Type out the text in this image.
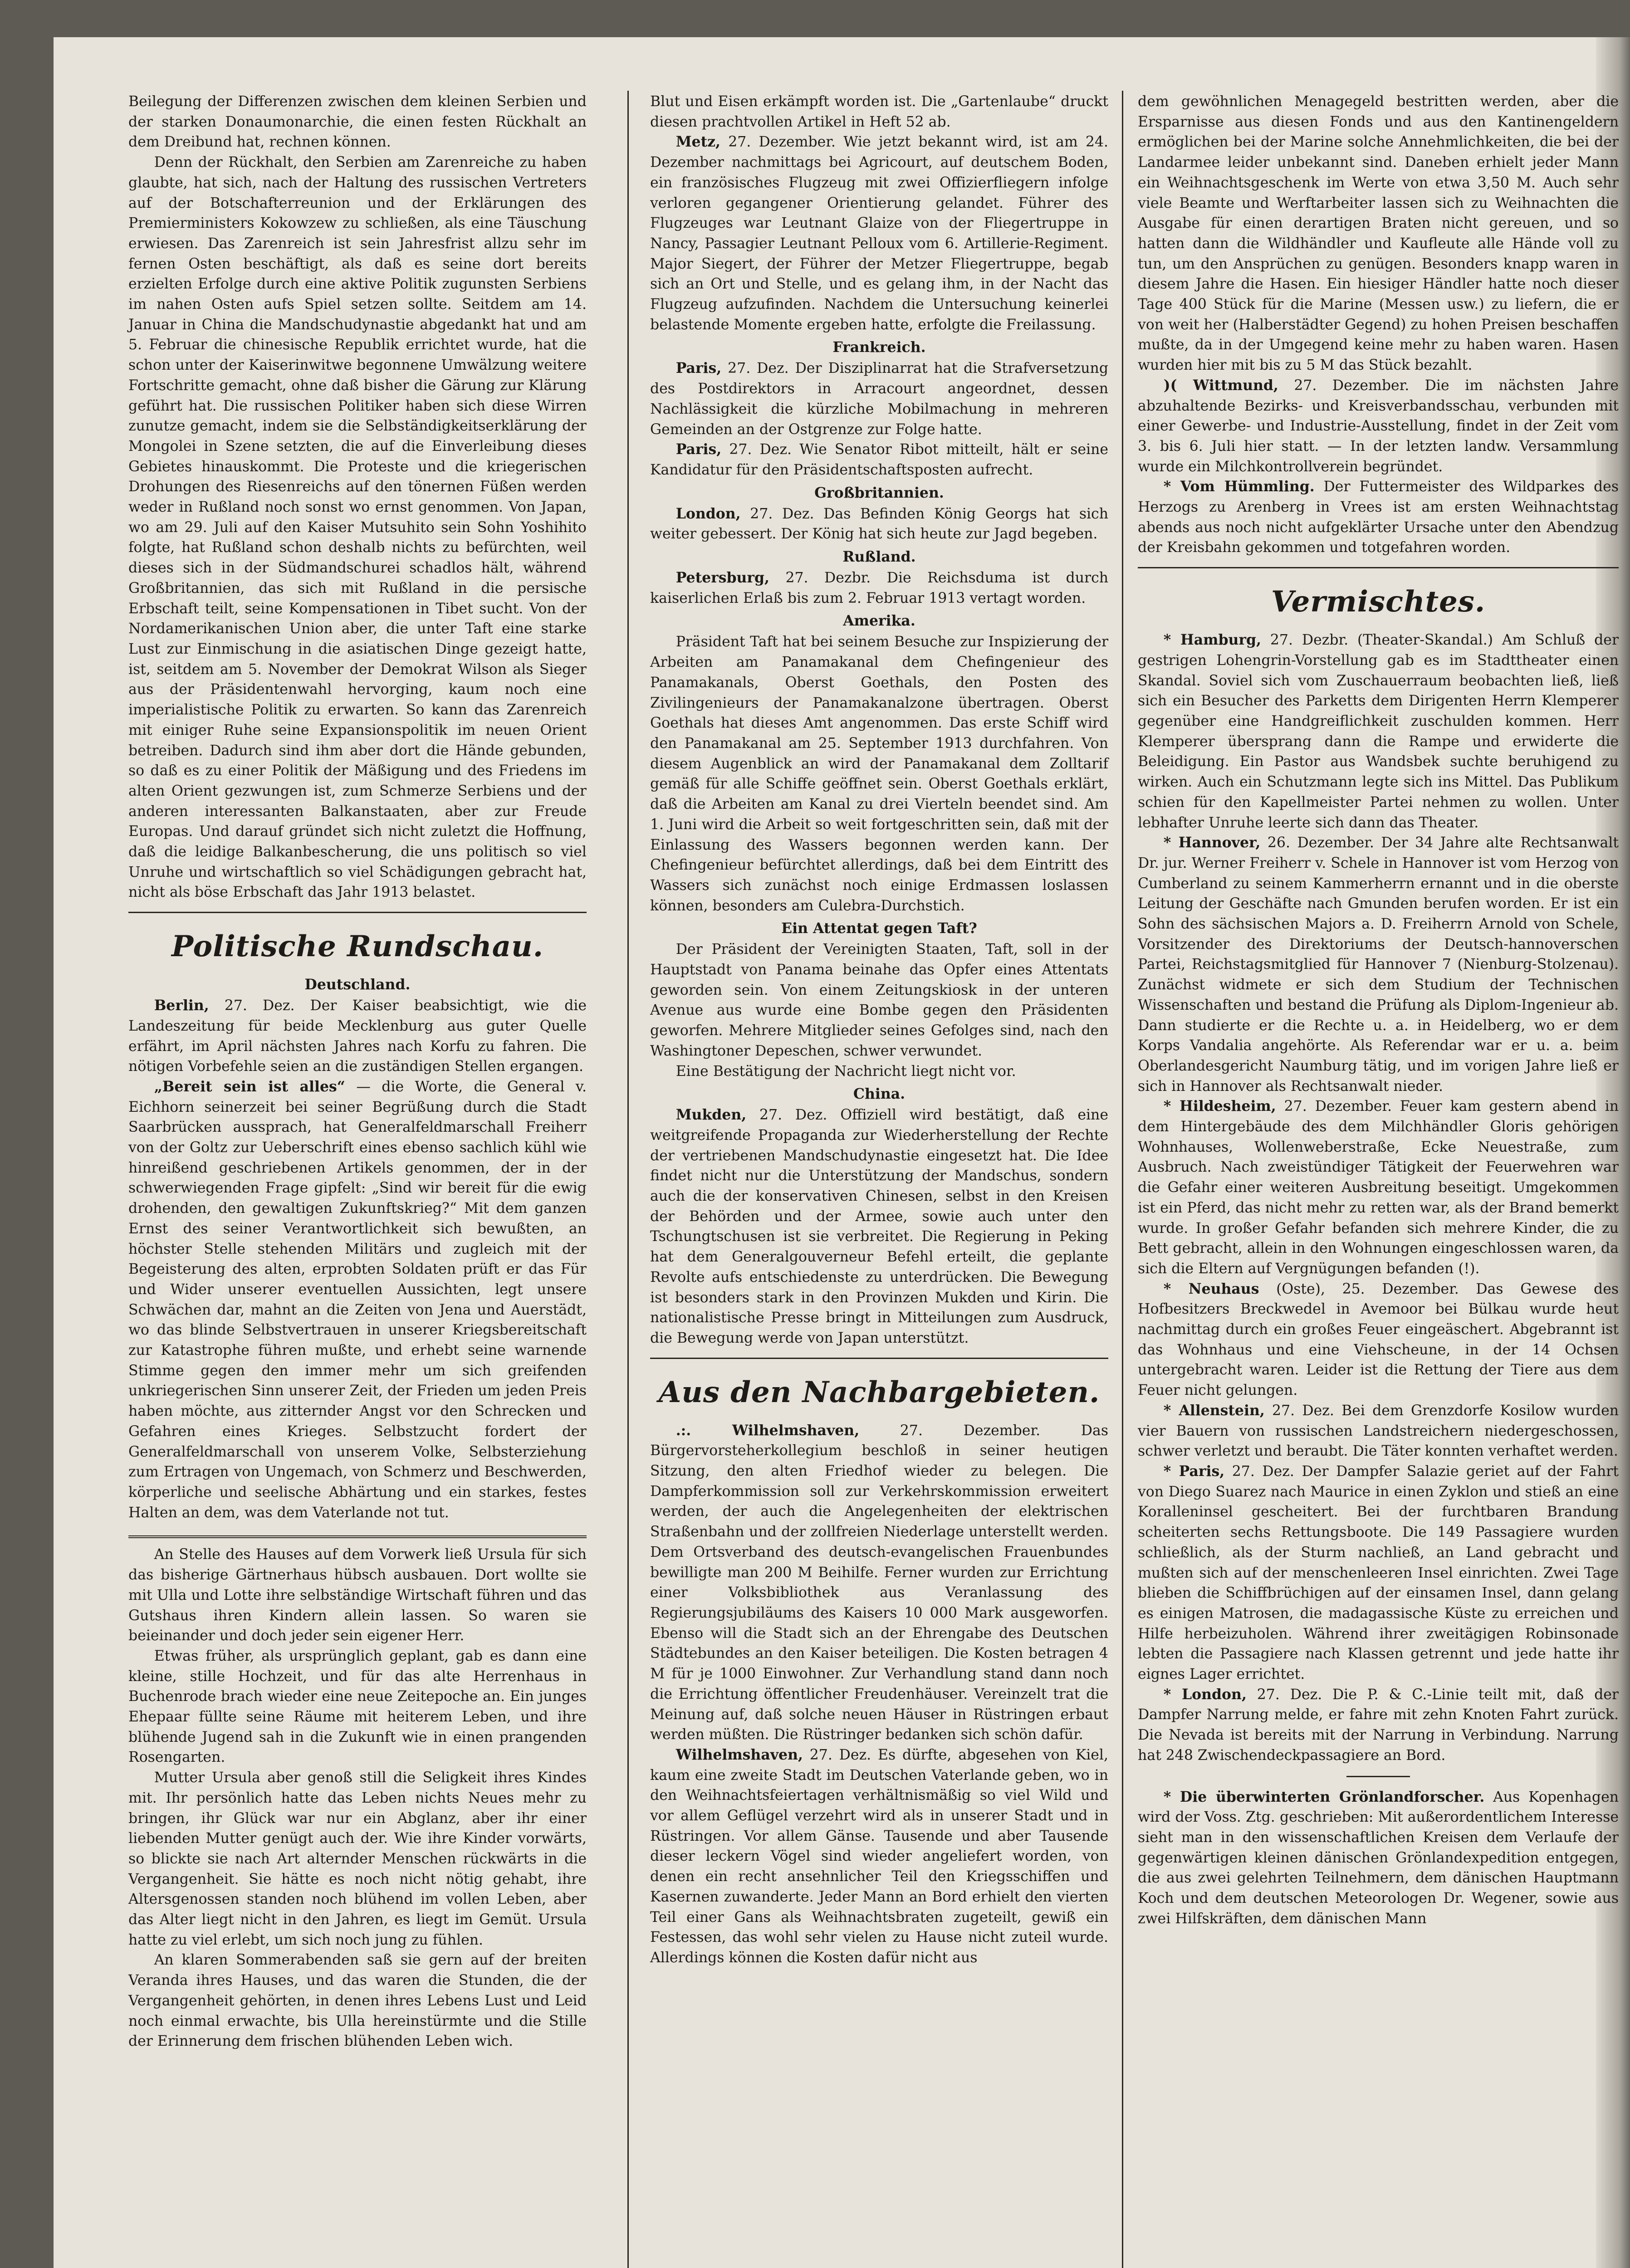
Beilegung der Differenzen zwischen dem kleinen Serbien und der starken Donaumonarchie, die einen festen Rückhalt an dem Dreibund hat, rechnen können.

Denn der Rückhalt, den Serbien am Zarenreiche zu haben glaubte, hat sich, nach der Haltung des russischen Vertreters auf der Botschafterreunion und der Erklärungen des Premierministers Kokowzew zu schließen, als eine Täuschung erwiesen. Das Zarenreich ist sein Jahresfrist allzu sehr im fernen Osten beschäftigt, als daß es seine dort bereits erzielten Erfolge durch eine aktive Politik zugunsten Serbiens im nahen Osten aufs Spiel setzen sollte. Seitdem am 14. Januar in China die Mandschudynastie abgedankt hat und am 5. Februar die chinesische Republik errichtet wurde, hat die schon unter der Kaiserinwitwe begonnene Umwälzung weitere Fortschritte gemacht, ohne daß bisher die Gärung zur Klärung geführt hat. Die russischen Politiker haben sich diese Wirren zunutze gemacht, indem sie die Selbständigkeitserklärung der Mongolei in Szene setzten, die auf die Einverleibung dieses Gebietes hinauskommt. Die Proteste und die kriegerischen Drohungen des Riesenreichs auf den tönernen Füßen werden weder in Rußland noch sonst wo ernst genommen. Von Japan, wo am 29. Juli auf den Kaiser Mutsuhito sein Sohn Yoshihito folgte, hat Rußland schon deshalb nichts zu befürchten, weil dieses sich in der Südmandschurei schadlos hält, während Großbritannien, das sich mit Rußland in die persische Erbschaft teilt, seine Kompensationen in Tibet sucht. Von der Nordamerikanischen Union aber, die unter Taft eine starke Lust zur Einmischung in die asiatischen Dinge gezeigt hatte, ist, seitdem am 5. November der Demokrat Wilson als Sieger aus der Präsidentenwahl hervorging, kaum noch eine imperialistische Politik zu erwarten. So kann das Zarenreich mit einiger Ruhe seine Expansionspolitik im neuen Orient betreiben. Dadurch sind ihm aber dort die Hände gebunden, so daß es zu einer Politik der Mäßigung und des Friedens im alten Orient gezwungen ist, zum Schmerze Serbiens und der anderen interessanten Balkanstaaten, aber zur Freude Europas. Und darauf gründet sich nicht zuletzt die Hoffnung, daß die leidige Balkanbescherung, die uns politisch so viel Unruhe und wirtschaftlich so viel Schädigungen gebracht hat, nicht als böse Erbschaft das Jahr 1913 belastet.

Politische Rundschau.
Deutschland.

Berlin, 27. Dez. Der Kaiser beabsichtigt, wie die Landeszeitung für beide Mecklenburg aus guter Quelle erfährt, im April nächsten Jahres nach Korfu zu fahren. Die nötigen Vorbefehle seien an die zuständigen Stellen ergangen.

„Bereit sein ist alles“ — die Worte, die General v. Eichhorn seinerzeit bei seiner Begrüßung durch die Stadt Saarbrücken aussprach, hat Generalfeldmarschall Freiherr von der Goltz zur Ueberschrift eines ebenso sachlich kühl wie hinreißend geschriebenen Artikels genommen, der in der schwerwiegenden Frage gipfelt: „Sind wir bereit für die ewig drohenden, den gewaltigen Zukunftskrieg?“ Mit dem ganzen Ernst des seiner Verantwortlichkeit sich bewußten, an höchster Stelle stehenden Militärs und zugleich mit der Begeisterung des alten, erprobten Soldaten prüft er das Für und Wider unserer eventuellen Aussichten, legt unsere Schwächen dar, mahnt an die Zeiten von Jena und Auerstädt, wo das blinde Selbstvertrauen in unserer Kriegsbereitschaft zur Katastrophe führen mußte, und erhebt seine warnende Stimme gegen den immer mehr um sich greifenden unkriegerischen Sinn unserer Zeit, der Frieden um jeden Preis haben möchte, aus zitternder Angst vor den Schrecken und Gefahren eines Krieges. Selbstzucht fordert der Generalfeldmarschall von unserem Volke, Selbsterziehung zum Ertragen von Ungemach, von Schmerz und Beschwerden, körperliche und seelische Abhärtung und ein starkes, festes Halten an dem, was dem Vaterlande not tut.

An Stelle des Hauses auf dem Vorwerk ließ Ursula für sich das bisherige Gärtnerhaus hübsch ausbauen. Dort wollte sie mit Ulla und Lotte ihre selbständige Wirtschaft führen und das Gutshaus ihren Kindern allein lassen. So waren sie beieinander und doch jeder sein eigener Herr.

Etwas früher, als ursprünglich geplant, gab es dann eine kleine, stille Hochzeit, und für das alte Herrenhaus in Buchenrode brach wieder eine neue Zeitepoche an. Ein junges Ehepaar füllte seine Räume mit heiterem Leben, und ihre blühende Jugend sah in die Zukunft wie in einen prangenden Rosengarten.

Mutter Ursula aber genoß still die Seligkeit ihres Kindes mit. Ihr persönlich hatte das Leben nichts Neues mehr zu bringen, ihr Glück war nur ein Abglanz, aber ihr einer liebenden Mutter genügt auch der. Wie ihre Kinder vorwärts, so blickte sie nach Art alternder Menschen rückwärts in die Vergangenheit. Sie hätte es noch nicht nötig gehabt, ihre Altersgenossen standen noch blühend im vollen Leben, aber das Alter liegt nicht in den Jahren, es liegt im Gemüt. Ursula hatte zu viel erlebt, um sich noch jung zu fühlen.

An klaren Sommerabenden saß sie gern auf der breiten Veranda ihres Hauses, und das waren die Stunden, die der Vergangenheit gehörten, in denen ihres Lebens Lust und Leid noch einmal erwachte, bis Ulla hereinstürmte und die Stille der Erinnerung dem frischen blühenden Leben wich.

Blut und Eisen erkämpft worden ist. Die „Gartenlaube“ druckt diesen prachtvollen Artikel in Heft 52 ab.

Metz, 27. Dezember. Wie jetzt bekannt wird, ist am 24. Dezember nachmittags bei Agricourt, auf deutschem Boden, ein französisches Flugzeug mit zwei Offizierfliegern infolge verloren gegangener Orientierung gelandet. Führer des Flugzeuges war Leutnant Glaize von der Fliegertruppe in Nancy, Passagier Leutnant Pelloux vom 6. Artillerie-Regiment. Major Siegert, der Führer der Metzer Fliegertruppe, begab sich an Ort und Stelle, und es gelang ihm, in der Nacht das Flugzeug aufzufinden. Nachdem die Untersuchung keinerlei belastende Momente ergeben hatte, erfolgte die Freilassung.

Frankreich.

Paris, 27. Dez. Der Disziplinarrat hat die Strafversetzung des Postdirektors in Arracourt angeordnet, dessen Nachlässigkeit die kürzliche Mobilmachung in mehreren Gemeinden an der Ostgrenze zur Folge hatte.

Paris, 27. Dez. Wie Senator Ribot mitteilt, hält er seine Kandidatur für den Präsidentschaftsposten aufrecht.

Großbritannien.

London, 27. Dez. Das Befinden König Georgs hat sich weiter gebessert. Der König hat sich heute zur Jagd begeben.

Rußland.

Petersburg, 27. Dezbr. Die Reichsduma ist durch kaiserlichen Erlaß bis zum 2. Februar 1913 vertagt worden.

Amerika.

Präsident Taft hat bei seinem Besuche zur Inspizierung der Arbeiten am Panamakanal dem Chefingenieur des Panamakanals, Oberst Goethals, den Posten des Zivilingenieurs der Panamakanalzone übertragen. Oberst Goethals hat dieses Amt angenommen. Das erste Schiff wird den Panamakanal am 25. September 1913 durchfahren. Von diesem Augenblick an wird der Panamakanal dem Zolltarif gemäß für alle Schiffe geöffnet sein. Oberst Goethals erklärt, daß die Arbeiten am Kanal zu drei Vierteln beendet sind. Am 1. Juni wird die Arbeit so weit fortgeschritten sein, daß mit der Einlassung des Wassers begonnen werden kann. Der Chefingenieur befürchtet allerdings, daß bei dem Eintritt des Wassers sich zunächst noch einige Erdmassen loslassen können, besonders am Culebra-Durchstich.

Ein Attentat gegen Taft?

Der Präsident der Vereinigten Staaten, Taft, soll in der Hauptstadt von Panama beinahe das Opfer eines Attentats geworden sein. Von einem Zeitungskiosk in der unteren Avenue aus wurde eine Bombe gegen den Präsidenten geworfen. Mehrere Mitglieder seines Gefolges sind, nach den Washingtoner Depeschen, schwer verwundet.

Eine Bestätigung der Nachricht liegt nicht vor.

China.

Mukden, 27. Dez. Offiziell wird bestätigt, daß eine weitgreifende Propaganda zur Wiederherstellung der Rechte der vertriebenen Mandschudynastie eingesetzt hat. Die Idee findet nicht nur die Unterstützung der Mandschus, sondern auch die der konservativen Chinesen, selbst in den Kreisen der Behörden und der Armee, sowie auch unter den Tschungtschusen ist sie verbreitet. Die Regierung in Peking hat dem Generalgouverneur Befehl erteilt, die geplante Revolte aufs entschiedenste zu unterdrücken. Die Bewegung ist besonders stark in den Provinzen Mukden und Kirin. Die nationalistische Presse bringt in Mitteilungen zum Ausdruck, die Bewegung werde von Japan unterstützt.

Aus den Nachbargebieten.

.:. Wilhelmshaven,	27. Dezember. Das Bürgervorsteherkollegium beschloß in seiner heutigen Sitzung, den alten Friedhof wieder zu belegen. Die Dampferkommission soll zur Verkehrskommission erweitert werden, der auch die Angelegenheiten der elektrischen Straßenbahn und der zollfreien Niederlage unterstellt werden. Dem Ortsverband des deutsch-evangelischen Frauenbundes bewilligte man 200 M Beihilfe. Ferner wurden zur Errichtung einer Volksbibliothek aus Veranlassung des Regierungsjubiläums des Kaisers 10 000 Mark ausgeworfen. Ebenso will die Stadt sich an der Ehrengabe des Deutschen Städtebundes an den Kaiser beteiligen. Die Kosten betragen 4 M für je 1000 Einwohner. Zur Verhandlung stand dann noch die Errichtung öffentlicher Freudenhäuser. Vereinzelt trat die Meinung auf, daß solche neuen Häuser in Rüstringen erbaut werden müßten. Die Rüstringer bedanken sich schön dafür.

Wilhelmshaven, 27. Dez. Es dürfte, abgesehen von Kiel, kaum eine zweite Stadt im Deutschen Vaterlande geben, wo in den Weihnachtsfeiertagen verhältnismäßig so viel Wild und vor allem Geflügel verzehrt wird als in unserer Stadt und in Rüstringen. Vor allem Gänse. Tausende und aber Tausende dieser leckern Vögel sind wieder angeliefert worden, von denen ein recht ansehnlicher Teil den Kriegsschiffen und Kasernen zuwanderte. Jeder Mann an Bord erhielt den vierten Teil einer Gans als Weihnachtsbraten zugeteilt, gewiß ein Festessen, das wohl sehr vielen zu Hause nicht zuteil wurde. Allerdings können die Kosten dafür nicht aus

dem gewöhnlichen Menagegeld bestritten werden, aber die Ersparnisse aus diesen Fonds und aus den Kantinengeldern ermöglichen bei der Marine solche Annehmlichkeiten, die bei der Landarmee leider unbekannt sind. Daneben erhielt jeder Mann ein Weihnachtsgeschenk im Werte von etwa 3,50 M. Auch sehr viele Beamte und Werftarbeiter lassen sich zu Weihnachten die Ausgabe für einen derartigen Braten nicht gereuen, und so hatten dann die Wildhändler und Kaufleute alle Hände voll zu tun, um den Ansprüchen zu genügen. Besonders knapp waren in diesem Jahre die Hasen. Ein hiesiger Händler hatte noch dieser Tage 400 Stück für die Marine (Messen usw.) zu liefern, die er von weit her (Halberstädter Gegend) zu hohen Preisen beschaffen mußte, da in der Umgegend keine mehr zu haben waren. Hasen wurden hier mit bis zu 5 M das Stück bezahlt.

)( Wittmund, 27. Dezember. Die im nächsten Jahre abzuhaltende Bezirks- und Kreisverbandsschau, verbunden mit einer Gewerbe- und Industrie-Ausstellung, findet in der Zeit vom 3. bis 6. Juli hier statt. — In der letzten landw. Versammlung wurde ein Milchkontrollverein begründet.

* Vom Hümmling. Der Futtermeister des Wildparkes des Herzogs zu Arenberg in Vrees ist am ersten Weihnachtstag abends aus noch nicht aufgeklärter Ursache unter den Abendzug der Kreisbahn gekommen und totgefahren worden.

Vermischtes.

* Hamburg, 27. Dezbr. (Theater-Skandal.) Am Schluß der gestrigen Lohengrin-Vorstellung gab es im Stadttheater einen Skandal. Soviel sich vom Zuschauerraum beobachten ließ, ließ sich ein Besucher des Parketts dem Dirigenten Herrn Klemperer gegenüber eine Handgreiflichkeit zuschulden kommen. Herr Klemperer übersprang dann die Rampe und erwiderte die Beleidigung. Ein Pastor aus Wandsbek suchte beruhigend zu wirken. Auch ein Schutzmann legte sich ins Mittel. Das Publikum schien für den Kapellmeister Partei nehmen zu wollen. Unter lebhafter Unruhe leerte sich dann das Theater.

* Hannover, 26. Dezember. Der 34 Jahre alte Rechtsanwalt Dr. jur. Werner Freiherr v. Schele in Hannover ist vom Herzog von Cumberland zu seinem Kammerherrn ernannt und in die oberste Leitung der Geschäfte nach Gmunden berufen worden. Er ist ein Sohn des sächsischen Majors a. D. Freiherrn Arnold von Schele, Vorsitzender des Direktoriums der Deutsch-hannoverschen Partei, Reichstagsmitglied für Hannover 7 (Nienburg-Stolzenau). Zunächst widmete er sich dem Studium der Technischen Wissenschaften und bestand die Prüfung als Diplom-Ingenieur ab. Dann studierte er die Rechte u. a. in Heidelberg, wo er dem Korps Vandalia angehörte. Als Referendar war er u. a. beim Oberlandesgericht Naumburg tätig, und im vorigen Jahre ließ er sich in Hannover als Rechtsanwalt nieder.

* Hildesheim, 27. Dezember. Feuer kam gestern abend in dem Hintergebäude des dem Milchhändler Gloris gehörigen Wohnhauses, Wollenweberstraße, Ecke Neuestraße, zum Ausbruch. Nach zweistündiger Tätigkeit der Feuerwehren war die Gefahr einer weiteren Ausbreitung beseitigt. Umgekommen ist ein Pferd, das nicht mehr zu retten war, als der Brand bemerkt wurde. In großer Gefahr befanden sich mehrere Kinder, die zu Bett gebracht, allein in den Wohnungen eingeschlossen waren, da sich die Eltern auf Vergnügungen befanden (!).

* Neuhaus (Oste), 25. Dezember. Das Gewese des Hofbesitzers Breckwedel in Avemoor bei Bülkau wurde heut nachmittag durch ein großes Feuer eingeäschert. Abgebrannt ist das Wohnhaus und eine Viehscheune, in der 14 Ochsen untergebracht waren. Leider ist die Rettung der Tiere aus dem Feuer nicht gelungen.

* Allenstein, 27. Dez. Bei dem Grenzdorfe Kosilow wurden vier Bauern von russischen Landstreichern niedergeschossen, schwer verletzt und beraubt. Die Täter konnten verhaftet werden.

* Paris, 27. Dez. Der Dampfer Salazie geriet auf der Fahrt von Diego Suarez nach Maurice in einen Zyklon und stieß an eine Koralleninsel gescheitert. Bei der furchtbaren Brandung scheiterten sechs Rettungsboote. Die 149 Passagiere wurden schließlich, als der Sturm nachließ, an Land gebracht und mußten sich auf der menschenleeren Insel einrichten. Zwei Tage blieben die Schiffbrüchigen auf der einsamen Insel, dann gelang es einigen Matrosen, die madagassische Küste zu erreichen und Hilfe herbeizuholen. Während ihrer zweitägigen Robinsonade lebten die Passagiere nach Klassen getrennt und jede hatte ihr eignes Lager errichtet.

* London, 27. Dez. Die P. & C.-Linie teilt mit, daß der Dampfer Narrung melde, er fahre mit zehn Knoten Fahrt zurück. Die Nevada ist bereits mit der Narrung in Verbindung. Narrung hat 248 Zwischendeckpassagiere an Bord.

* Die überwinterten Grönlandforscher. Aus Kopenhagen wird der Voss. Ztg. geschrieben: Mit außerordentlichem Interesse sieht man in den wissenschaftlichen Kreisen dem Verlaufe der gegenwärtigen kleinen dänischen Grönlandexpedition entgegen, die aus zwei gelehrten Teilnehmern, dem dänischen Hauptmann Koch und dem deutschen Meteorologen Dr. Wegener, sowie aus zwei Hilfskräften, dem dänischen Mann
